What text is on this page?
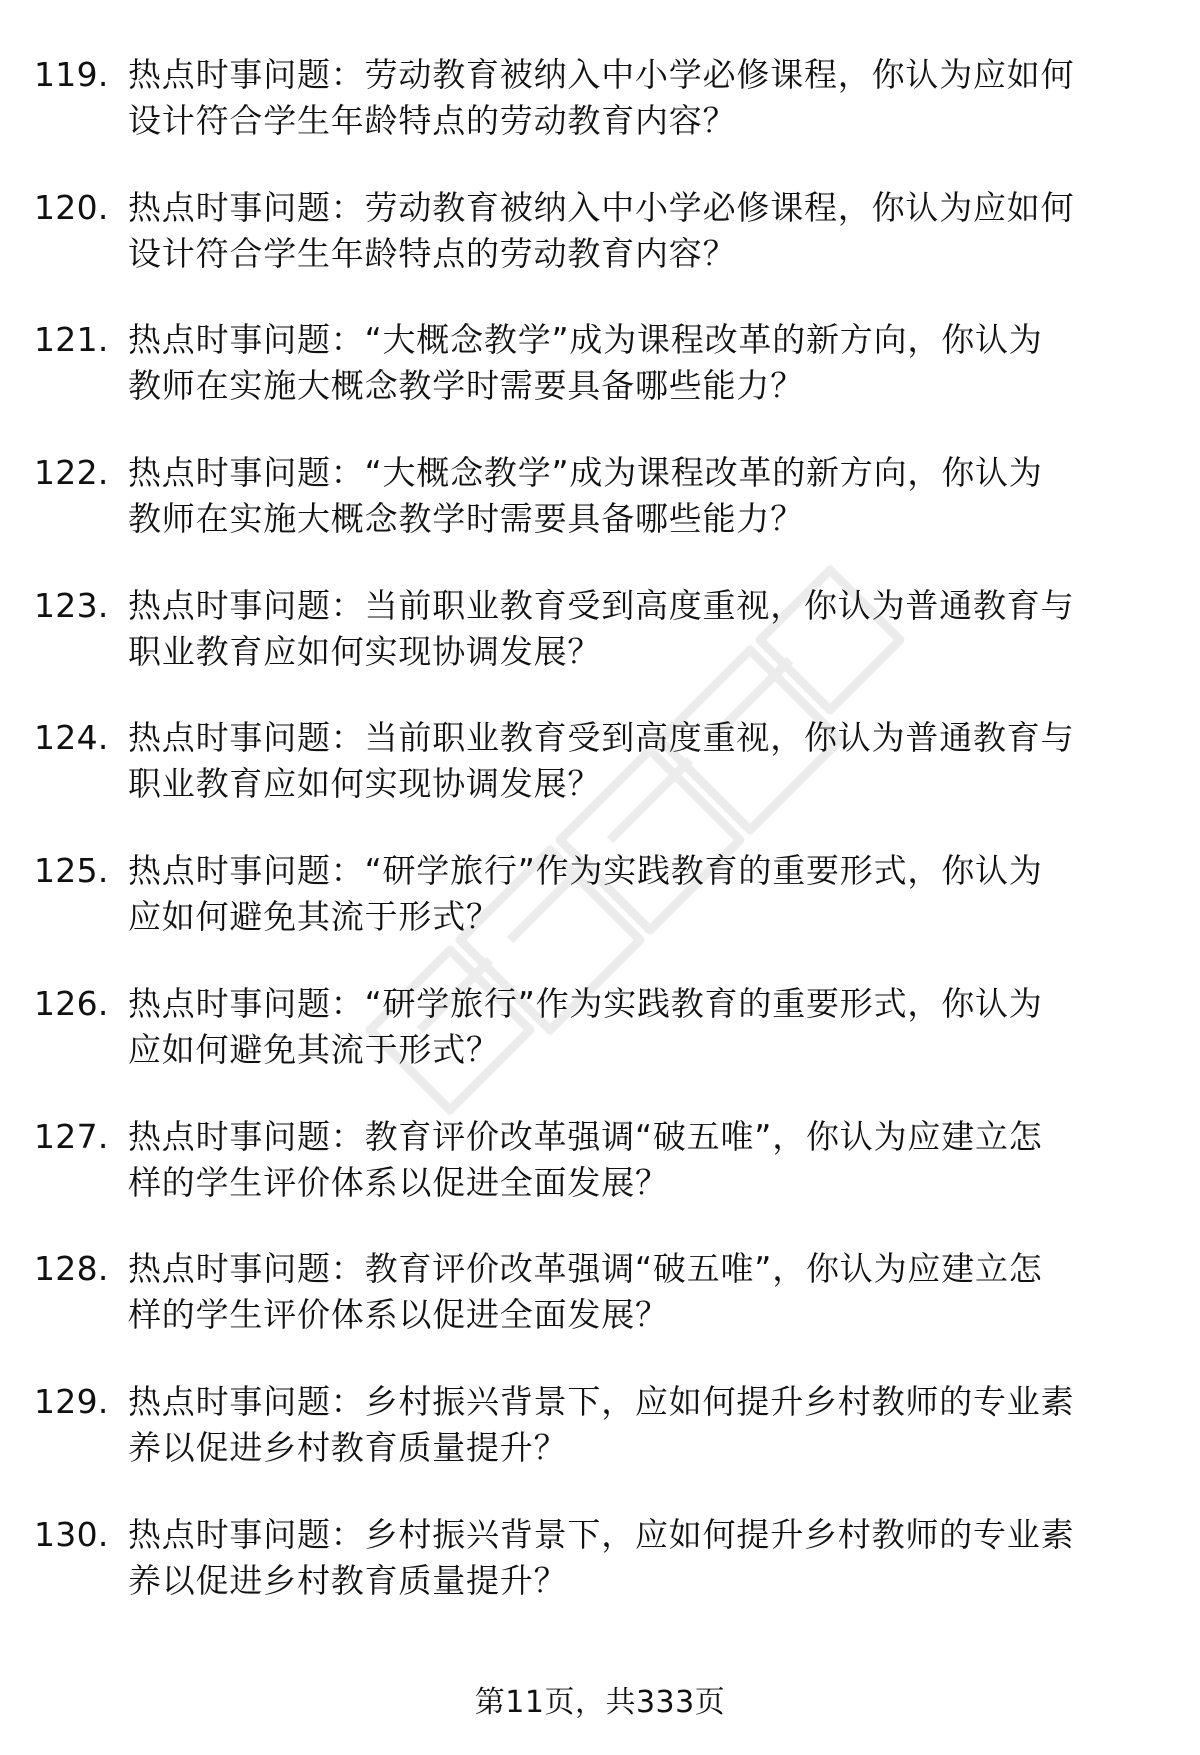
119. 热点时事问题：劳动教育被纳入中小学必修课程，你认为应如何
设计符合学生年龄特点的劳动教育内容？
120. 热点时事问题：劳动教育被纳入中小学必修课程，你认为应如何
设计符合学生年龄特点的劳动教育内容？
121. 热点时事问题：“大概念教学”成为课程改革的新方向，你认为
教师在实施大概念教学时需要具备哪些能力？
122. 热点时事问题：“大概念教学”成为课程改革的新方向，你认为
教师在实施大概念教学时需要具备哪些能力？
123. 热点时事问题：当前职业教育受到高度重视，你认为普通教育与
职业教育应如何实现协调发展？
124. 热点时事问题：当前职业教育受到高度重视，你认为普通教育与
职业教育应如何实现协调发展？
125. 热点时事问题：“研学旅行”作为实践教育的重要形式，你认为
应如何避免其流于形式？
126. 热点时事问题：“研学旅行”作为实践教育的重要形式，你认为
应如何避免其流于形式？
127. 热点时事问题：教育评价改革强调“破五唯”，你认为应建立怎
样的学生评价体系以促进全面发展？
128. 热点时事问题：教育评价改革强调“破五唯”，你认为应建立怎
样的学生评价体系以促进全面发展？
129. 热点时事问题：乡村振兴背景下，应如何提升乡村教师的专业素
养以促进乡村教育质量提升？
130. 热点时事问题：乡村振兴背景下，应如何提升乡村教师的专业素
养以促进乡村教育质量提升？
第11页，共333页
